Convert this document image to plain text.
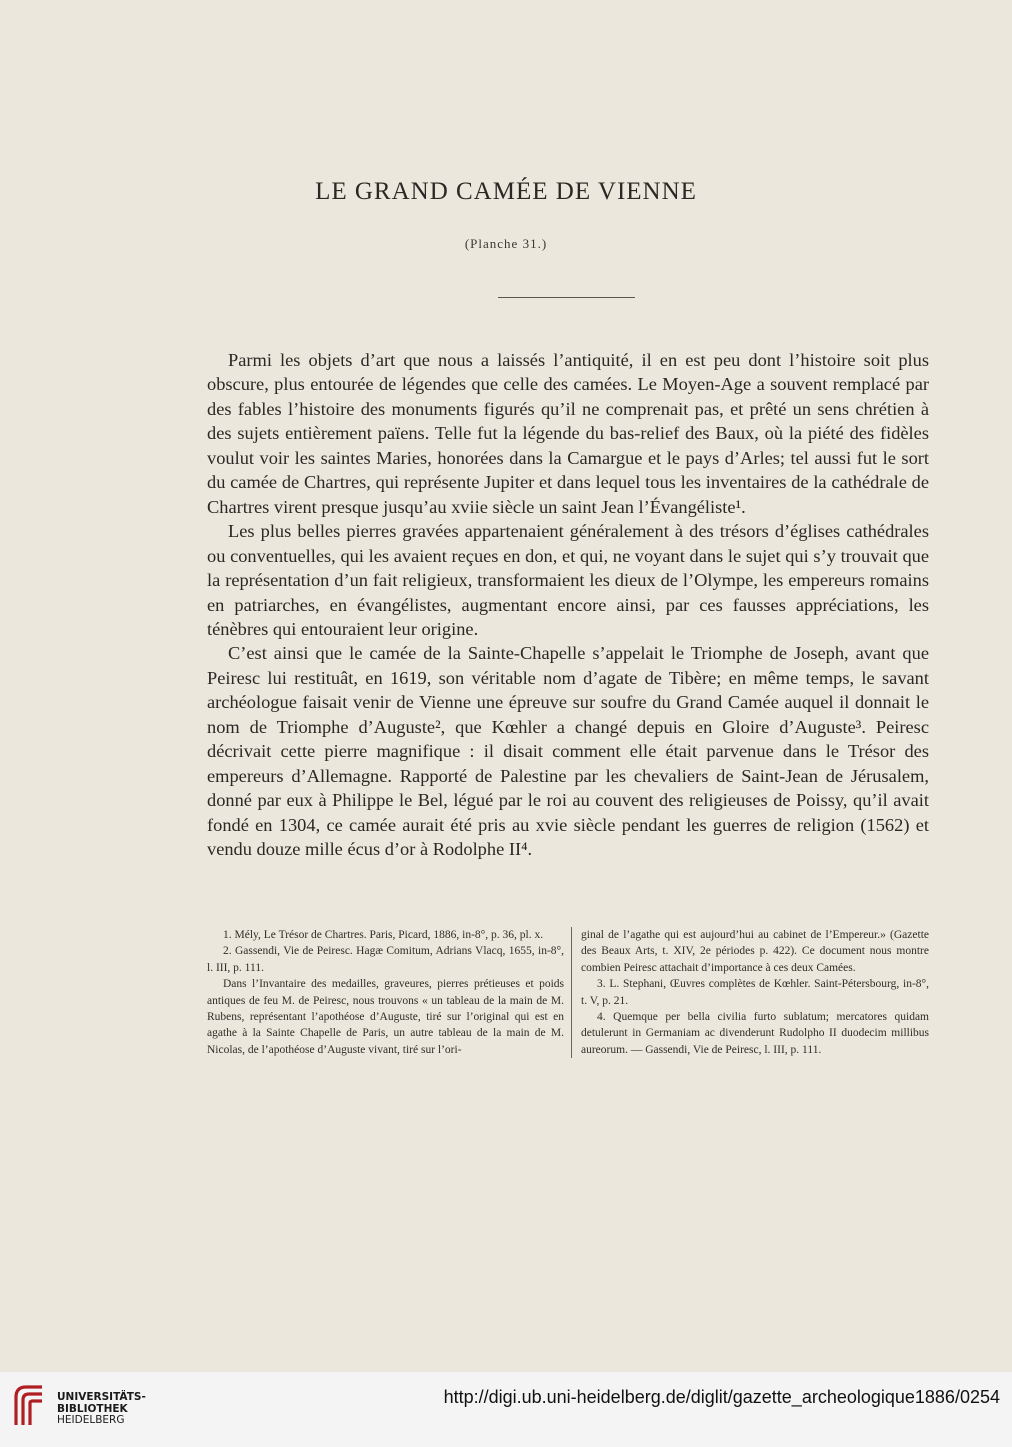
LE GRAND CAMÉE DE VIENNE
(Planche 31.)

Parmi les objets d’art que nous a laissés l’antiquité, il en est peu dont l’histoire soit plus obscure, plus entourée de légendes que celle des camées. Le Moyen-Age a souvent remplacé par des fables l’histoire des monuments figurés qu’il ne comprenait pas, et prêté un sens chrétien à des sujets entièrement païens. Telle fut la légende du bas-relief des Baux, où la piété des fidèles voulut voir les saintes Maries, honorées dans la Camargue et le pays d’Arles; tel aussi fut le sort du camée de Chartres, qui représente Jupiter et dans lequel tous les inventaires de la cathédrale de Chartres virent presque jusqu’au xviie siècle un saint Jean l’Évangéliste¹.

Les plus belles pierres gravées appartenaient généralement à des trésors d’églises cathédrales ou conventuelles, qui les avaient reçues en don, et qui, ne voyant dans le sujet qui s’y trouvait que la représentation d’un fait religieux, transformaient les dieux de l’Olympe, les empereurs romains en patriarches, en évangélistes, augmentant encore ainsi, par ces fausses appréciations, les ténèbres qui entouraient leur origine.

C’est ainsi que le camée de la Sainte-Chapelle s’appelait le Triomphe de Joseph, avant que Peiresc lui restituât, en 1619, son véritable nom d’agate de Tibère; en même temps, le savant archéologue faisait venir de Vienne une épreuve sur soufre du Grand Camée auquel il donnait le nom de Triomphe d’Auguste², que Kœhler a changé depuis en Gloire d’Auguste³. Peiresc décrivait cette pierre magnifique : il disait comment elle était parvenue dans le Trésor des empereurs d’Allemagne. Rapporté de Palestine par les chevaliers de Saint-Jean de Jérusalem, donné par eux à Philippe le Bel, légué par le roi au couvent des religieuses de Poissy, qu’il avait fondé en 1304, ce camée aurait été pris au xvie siècle pendant les guerres de religion (1562) et vendu douze mille écus d’or à Rodolphe II⁴.

1. Mély, Le Trésor de Chartres. Paris, Picard, 1886, in-8°, p. 36, pl. x.

2. Gassendi, Vie de Peiresc. Hagæ Comitum, Adrians Vlacq, 1655, in-8°, l. III, p. 111.

Dans l’Invantaire des medailles, graveures, pierres prétieuses et poids antiques de feu M. de Peiresc, nous trouvons « un tableau de la main de M. Rubens, représentant l’apothéose d’Auguste, tiré sur l’original qui est en agathe à la Sainte Chapelle de Paris, un autre tableau de la main de M. Nicolas, de l’apothéose d’Auguste vivant, tiré sur l’ori-

ginal de l’agathe qui est aujourd’hui au cabinet de l’Empereur.» (Gazette des Beaux Arts, t. XIV, 2e périodes p. 422). Ce document nous montre combien Peiresc attachait d’importance à ces deux Camées.

3. L. Stephani, Œuvres complètes de Kœhler. Saint-Pétersbourg, in-8°, t. V, p. 21.

4. Quemque per bella civilia furto sublatum; mercatores quidam detulerunt in Germaniam ac divenderunt Rudolpho II duodecim millibus aureorum. — Gassendi, Vie de Peiresc, l. III, p. 111.

UNIVERSITÄTS-
BIBLIOTHEK
HEIDELBERG
http://digi.ub.uni-heidelberg.de/diglit/gazette_archeologique1886/0254
